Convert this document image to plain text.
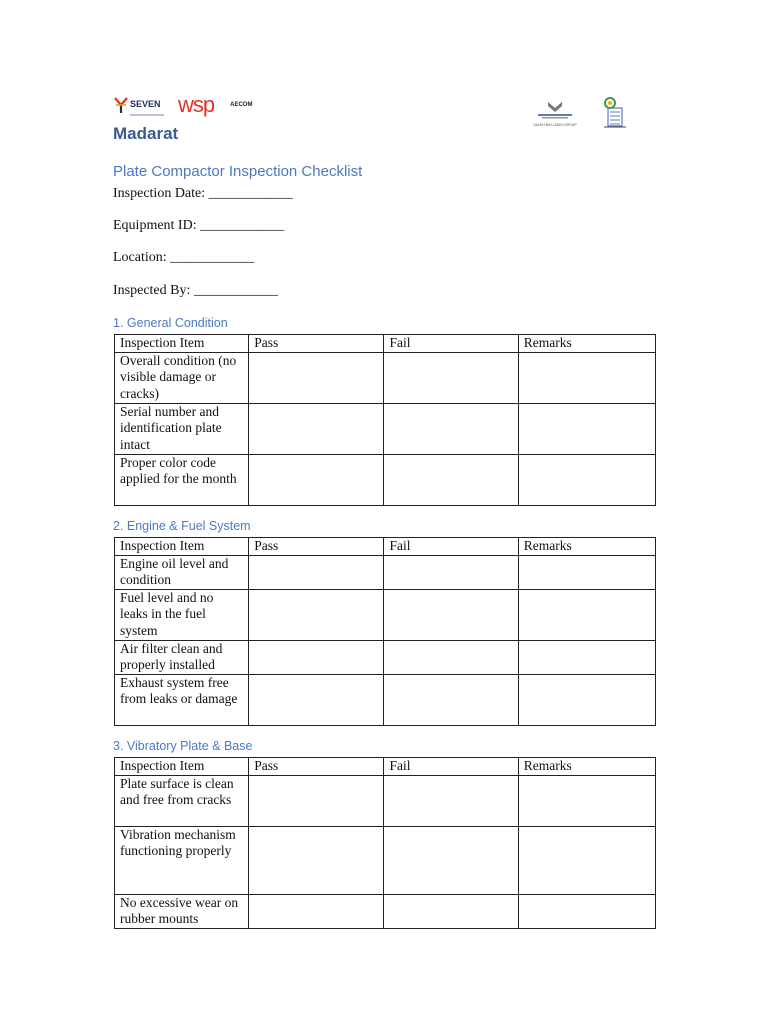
SEVEN wsp	AECOM
SALEH BIN LADIN GROUP
Madarat
Plate Compactor Inspection Checklist
Inspection Date: ____________
Equipment ID: ____________
Location: ____________
Inspected By: ____________
1. General Condition
Inspection Item	Pass	Fail	Remarks
Overall condition (no visible damage or cracks)			
Serial number and identification plate intact			
Proper color code applied for the month			
2. Engine & Fuel System
Inspection Item	Pass	Fail	Remarks
Engine oil level and condition			
Fuel level and no leaks in the fuel system			
Air filter clean and properly installed			
Exhaust system free from leaks or damage			
3. Vibratory Plate & Base
Inspection Item	Pass	Fail	Remarks
Plate surface is clean and free from cracks			
Vibration mechanism functioning properly			
No excessive wear on rubber mounts			
